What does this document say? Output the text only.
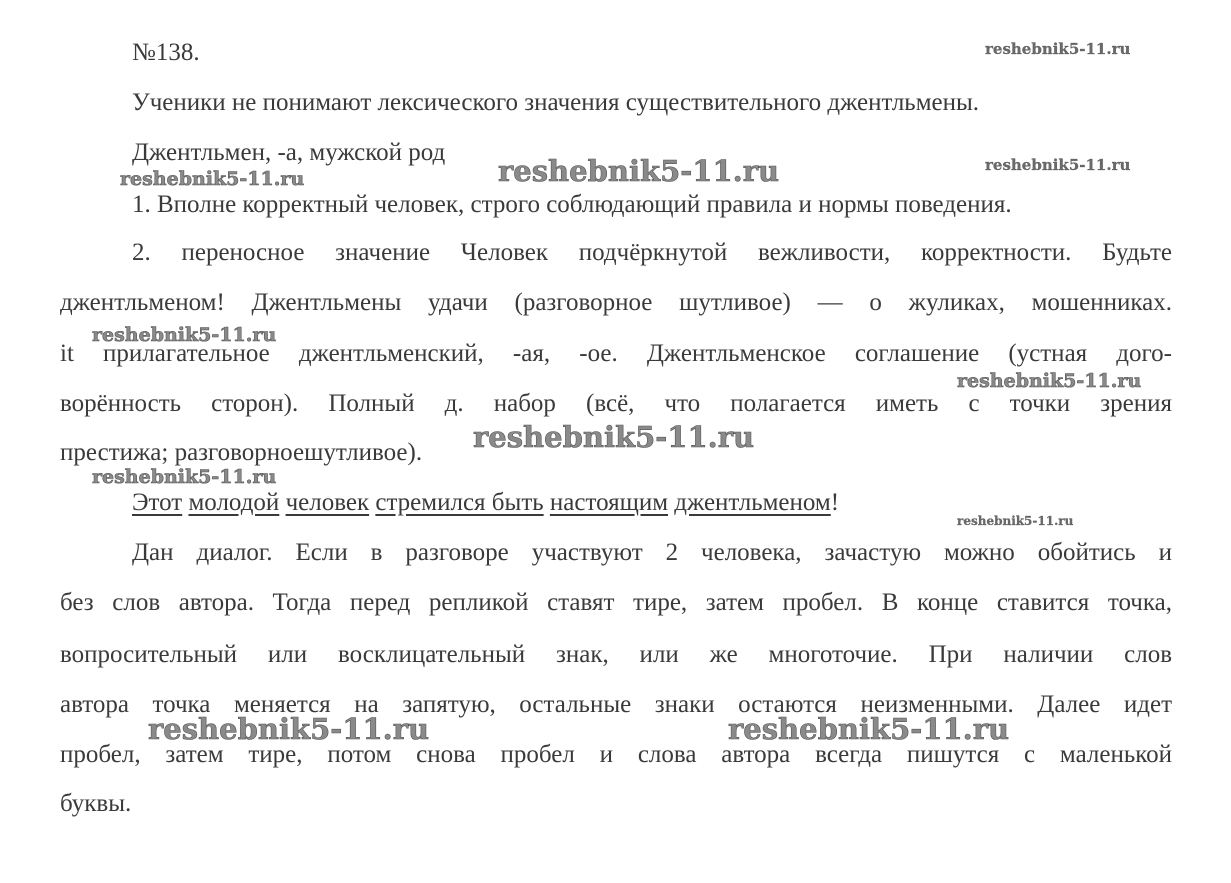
№138.
Ученики не понимают лексического значения существительного джентльмены.
Джентльмен, -а, мужской род
1. Вполне корректный человек, строго соблюдающий правила и нормы поведения.
2. переносное значение Человек подчёркнутой вежливости, корректности. Будьте
джентльменом! Джентльмены удачи (разговорное шутливое) — о жуликах, мошенниках.
it прилагательное джентльменский, -ая, -ое. Джентльменское соглашение (устная дого-
ворённость сторон). Полный д. набор (всё, что полагается иметь с точки зрения
престижа; разговорноешутливое).
Этот молодой человек стремился быть настоящим джентльменом!
Дан диалог. Если в разговоре участвуют 2 человека, зачастую можно обойтись и
без слов автора. Тогда перед репликой ставят тире, затем пробел. В конце ставится точка,
вопросительный или восклицательный знак, или же многоточие. При наличии слов
автора точка меняется на запятую, остальные знаки остаются неизменными. Далее идет
пробел, затем тире, потом снова пробел и слова автора всегда пишутся с маленькой
буквы.
reshebnik5-11.ru
reshebnik5-11.ru
reshebnik5-11.ru	reshebnik5-11.ru
reshebnik5-11.ru
reshebnik5-11.ru
reshebnik5-11.ru
reshebnik5-11.ru
reshebnik5-11.ru
reshebnik5-11.ru	reshebnik5-11.ru
